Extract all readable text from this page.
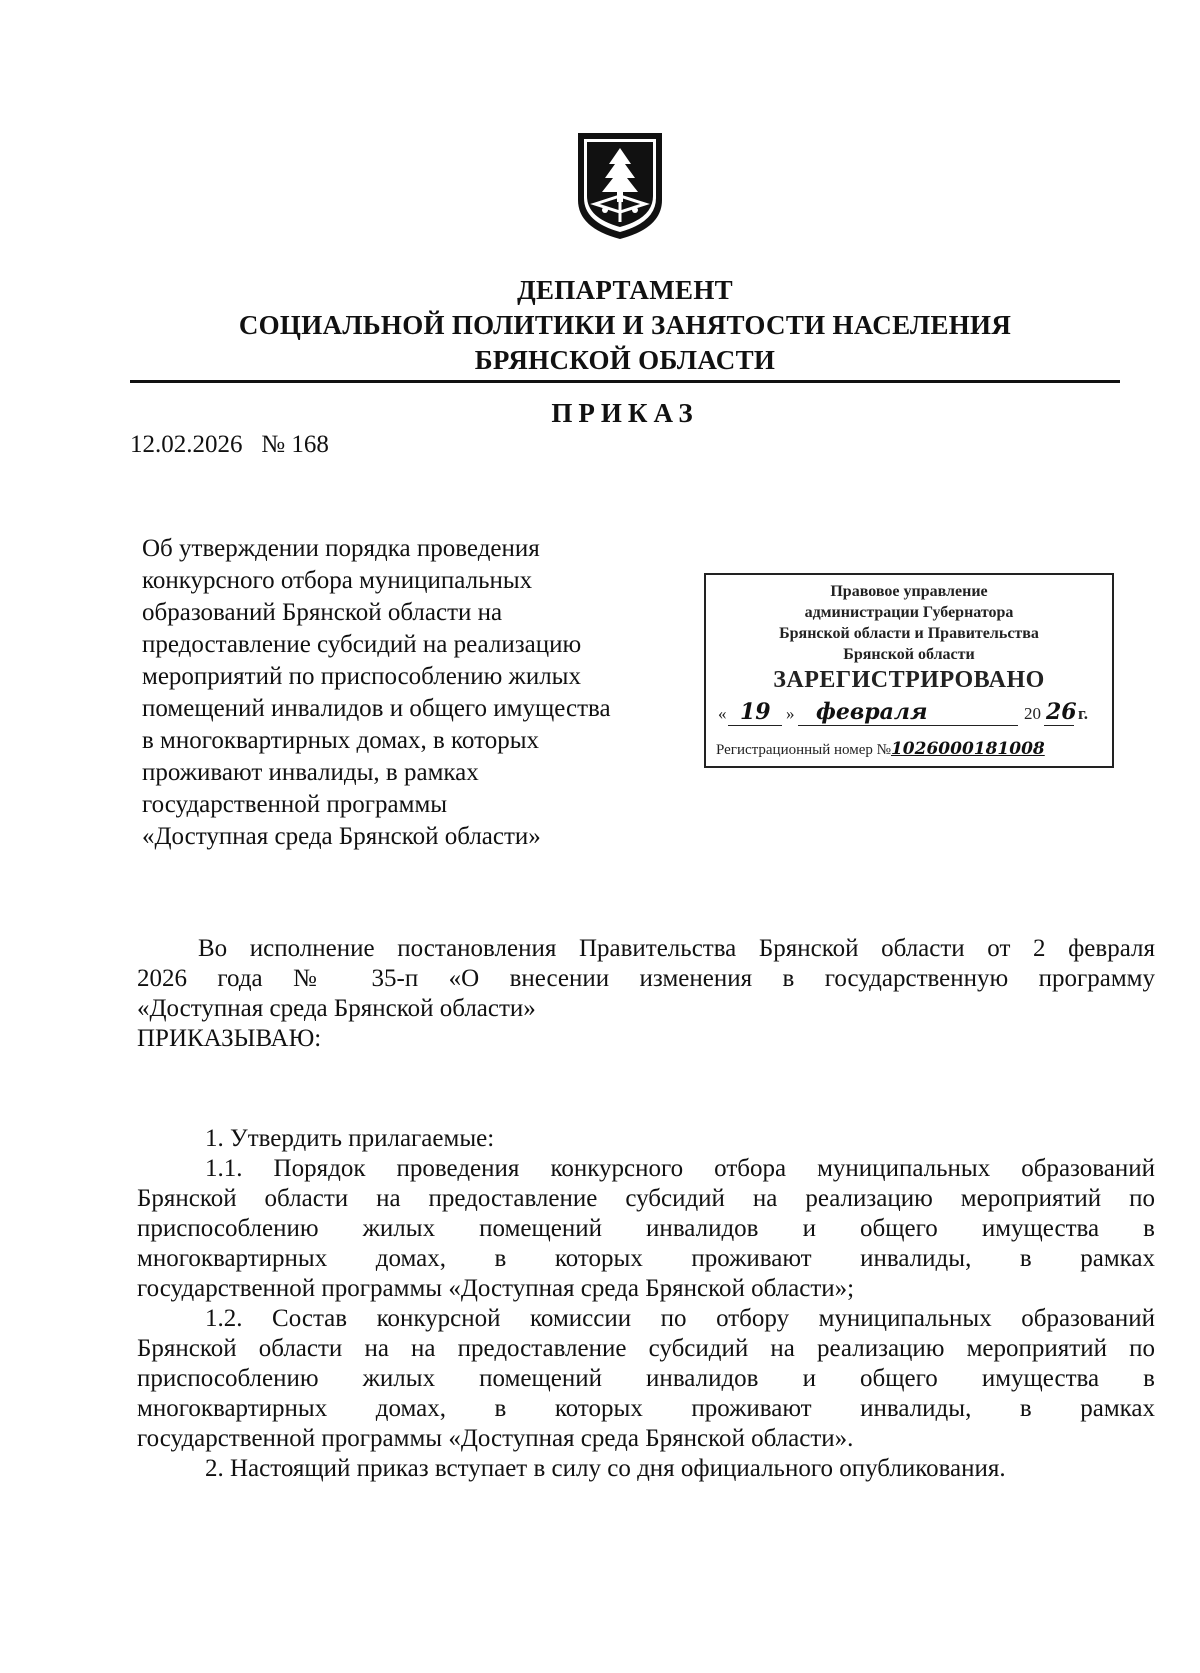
ДЕПАРТАМЕНТ
СОЦИАЛЬНОЙ ПОЛИТИКИ И ЗАНЯТОСТИ НАСЕЛЕНИЯ
БРЯНСКОЙ ОБЛАСТИ
ПРИКАЗ
12.02.2026 № 168
Об утверждении порядка проведения
конкурсного отбора муниципальных
образований Брянской области на
предоставление субсидий на реализацию
мероприятий по приспособлению жилых
помещений инвалидов и общего имущества
в многоквартирных домах, в которых
проживают инвалиды, в рамках
государственной программы
«Доступная среда Брянской области»
Правовое управление
администрации Губернатора
Брянской области и Правительства
Брянской области
ЗАРЕГИСТРИРОВАНО
« 19 » февраля	20 26 г.
Регистрационный номер №1026000181008
Во исполнение постановления Правительства Брянской области от 2 февраля
2026 года № 35-п «О внесении изменения в государственную программу
«Доступная среда Брянской области»
ПРИКАЗЫВАЮ:
1. Утвердить прилагаемые:
1.1. Порядок проведения конкурсного отбора муниципальных образований
Брянской области на предоставление субсидий на реализацию мероприятий по
приспособлению жилых помещений инвалидов и общего имущества в
многоквартирных домах, в которых проживают инвалиды, в рамках
государственной программы «Доступная среда Брянской области»;
1.2. Состав конкурсной комиссии по отбору муниципальных образований
Брянской области на на предоставление субсидий на реализацию мероприятий по
приспособлению жилых помещений инвалидов и общего имущества в
многоквартирных домах, в которых проживают инвалиды, в рамках
государственной программы «Доступная среда Брянской области».
2. Настоящий приказ вступает в силу со дня официального опубликования.
